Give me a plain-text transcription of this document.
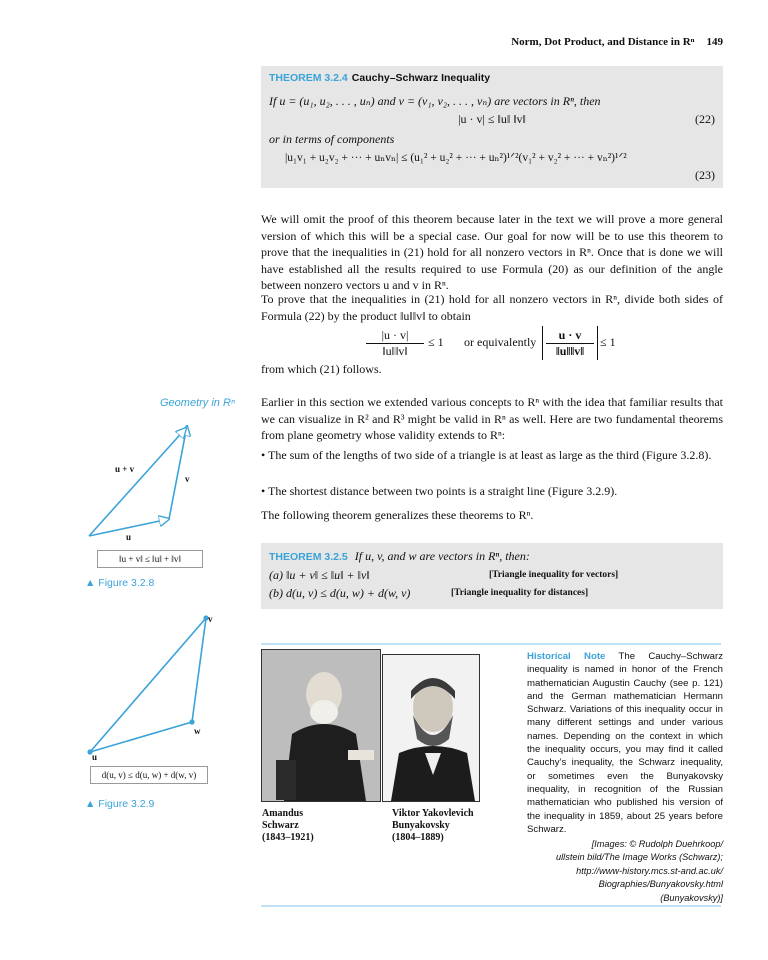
Norm, Dot Product, and Distance in Rⁿ 149
THEOREM 3.2.4 Cauchy–Schwarz Inequality
If u = (u₁, u₂, . . . , uₙ) and v = (v₁, v₂, . . . , vₙ) are vectors in Rⁿ, then
|u · v| ≤ ‖u‖ ‖v‖	(22)
or in terms of components
|u₁v₁ + u₂v₂ + ··· + uₙvₙ| ≤ (u₁² + u₂² + ··· + uₙ²)¹ᐟ²(v₁² + v₂² + ··· + vₙ²)¹ᐟ²
(23)
We will omit the proof of this theorem because later in the text we will prove a more general version of which this will be a special case. Our goal for now will be to use this theorem to prove that the inequalities in (21) hold for all nonzero vectors in Rⁿ. Once that is done we will have established all the results required to use Formula (20) as our definition of the angle between nonzero vectors u and v in Rⁿ.
To prove that the inequalities in (21) hold for all nonzero vectors in Rⁿ, divide both sides of Formula (22) by the product ‖u‖‖v‖ to obtain
$\frac{|u \cdot v|}{‖u‖‖v‖} \le 1$ or equivalently $\frac{u \cdot v}{‖u‖‖v‖} \le 1$
from which (21) follows.
Geometry in Rⁿ Earlier in this section we extended various concepts to Rⁿ with the idea that familiar results that we can visualize in R² and R³ might be valid in Rⁿ as well. Here are two fundamental theorems from plane geometry whose validity extends to Rⁿ:
• The sum of the lengths of two side of a triangle is at least as large as the third (Figure 3.2.8).
• The shortest distance between two points is a straight line (Figure 3.2.9).
The following theorem generalizes these theorems to Rⁿ.
THEOREM 3.2.5 If u, v, and w are vectors in Rⁿ, then:
(a) ‖u + v‖ ≤ ‖u‖ + ‖v‖	[Triangle inequality for vectors]
(b) d(u, v) ≤ d(u, w) + d(w, v)	[Triangle inequality for distances]
u
v
u + v
‖u + v‖ ≤ ‖u‖ + ‖v‖
▲ Figure 3.2.8
u
v
w
d(u, v) ≤ d(u, w) + d(w, v)
▲ Figure 3.2.9
Amandus
Schwarz
(1843–1921)
Viktor Yakovlevich
Bunyakovsky
(1804–1889)
Historical Note The Cauchy–Schwarz inequality is named in honor of the French mathematician Augustin Cauchy (see p. 121) and the German mathematician Hermann Schwarz. Variations of this inequality occur in many different settings and under various names. Depending on the context in which the inequality occurs, you may find it called Cauchy’s inequality, the Schwarz inequality, or sometimes even the Bunyakovsky inequality, in recognition of the Russian mathematician who published his version of the inequality in 1859, about 25 years before Schwarz.
[Images: © Rudolph Duehrkoop/
ullstein bild/The Image Works (Schwarz);
http://www-history.mcs.st-and.ac.uk/
Biographies/Bunyakovsky.html
(Bunyakovsky)]
